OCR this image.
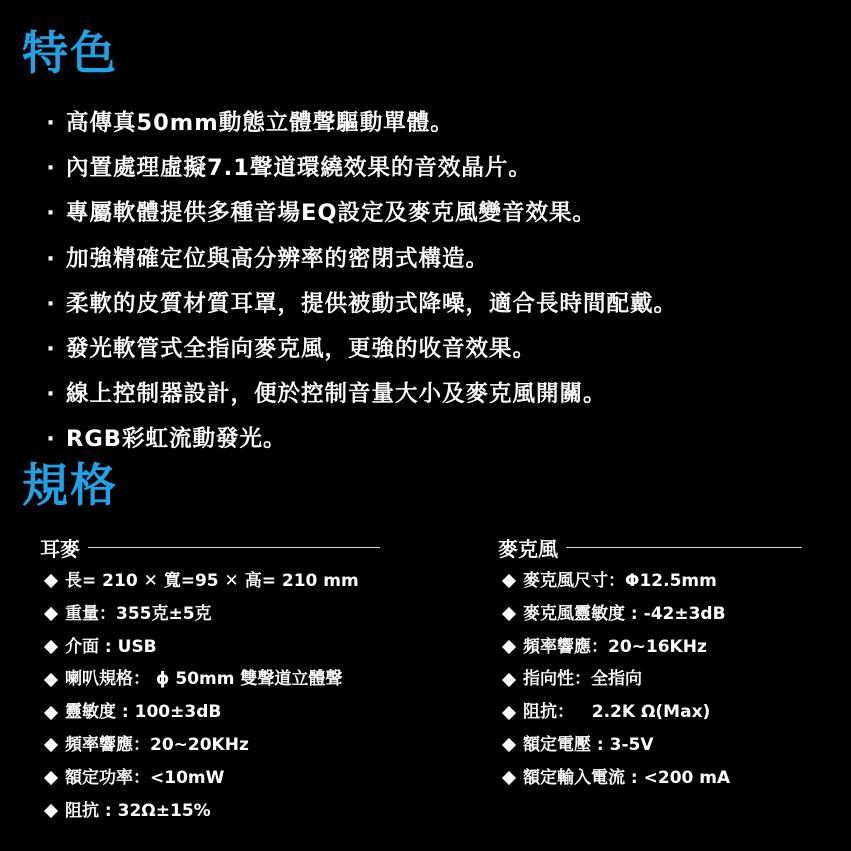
特色
· 高傳真50mm動態立體聲驅動單體。
· 內置處理虛擬7.1聲道環繞效果的音效晶片。
· 專屬軟體提供多種音場EQ設定及麥克風變音效果。
· 加強精確定位與高分辨率的密閉式構造。
· 柔軟的皮質材質耳罩，提供被動式降噪，適合長時間配戴。
· 發光軟管式全指向麥克風，更強的收音效果。
· 線上控制器設計，便於控制音量大小及麥克風開關。
· RGB彩虹流動發光。
規格
耳麥
長= 210 ✕ 寬=95 ✕ 高= 210 mm
重量：355克±5克
介面 : USB
喇叭規格： ϕ 50mm 雙聲道立體聲
靈敏度 : 100±3dB
頻率響應：20~20KHz
額定功率：<10mW
阻抗 : 32Ω±15%
麥克風
麥克風尺寸：Φ12.5mm
麥克風靈敏度 : -42±3dB
頻率響應：20~16KHz
指向性：全指向
阻抗：   2.2K Ω(Max)
額定電壓 : 3-5V
額定輸入電流 : <200 mA
